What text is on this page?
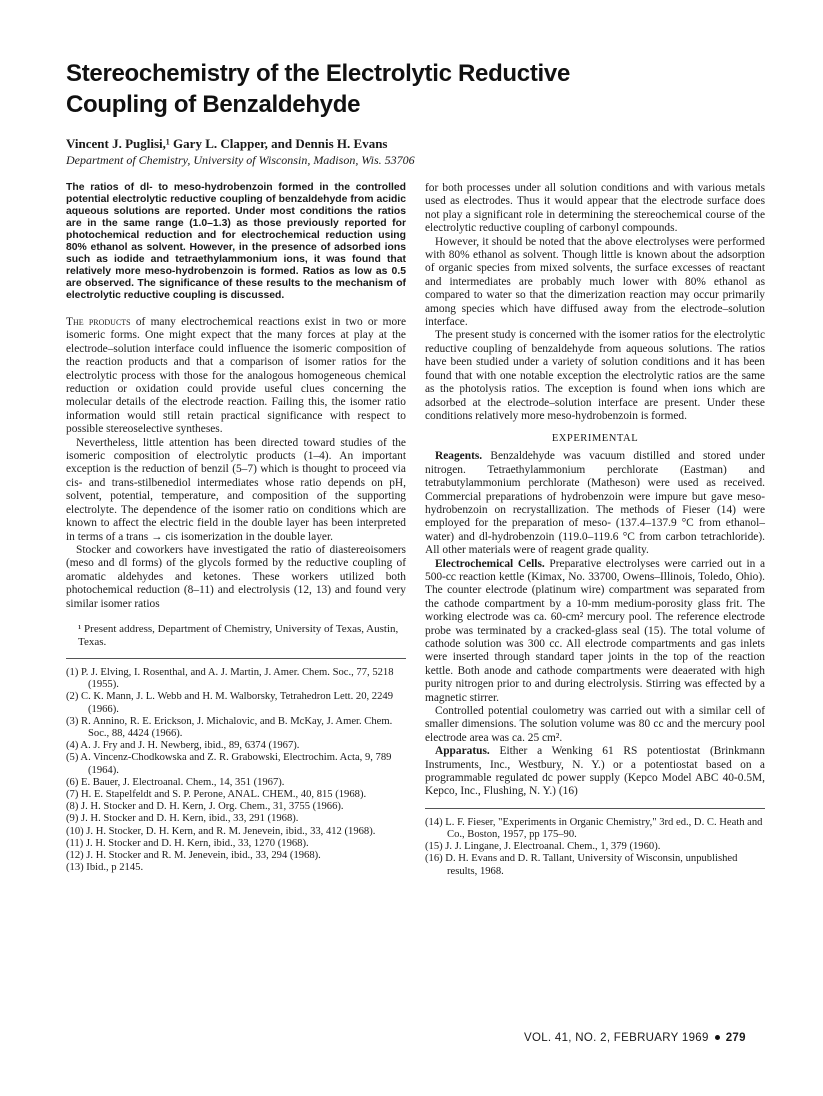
Stereochemistry of the Electrolytic Reductive
Coupling of Benzaldehyde
Vincent J. Puglisi,¹ Gary L. Clapper, and Dennis H. Evans
Department of Chemistry, University of Wisconsin, Madison, Wis. 53706

The ratios of dl- to meso-hydrobenzoin formed in the controlled potential electrolytic reductive coupling of benzaldehyde from acidic aqueous solutions are reported. Under most conditions the ratios are in the same range (1.0–1.3) as those previously reported for photochemical reduction and for electrochemical reduction using 80% ethanol as solvent. However, in the presence of adsorbed ions such as iodide and tetraethylammonium ions, it was found that relatively more meso-hydrobenzoin is formed. Ratios as low as 0.5 are observed. The significance of these results to the mechanism of electrolytic reductive coupling is discussed.

The products of many electrochemical reactions exist in two or more isomeric forms. One might expect that the many forces at play at the electrode–solution interface could influence the isomeric composition of the reaction products and that a comparison of isomer ratios for the electrolytic process with those for the analogous homogeneous chemical reduction or oxidation could provide useful clues concerning the molecular details of the electrode reaction. Failing this, the isomer ratio information would still retain practical significance with respect to possible stereoselective syntheses.

Nevertheless, little attention has been directed toward studies of the isomeric composition of electrolytic products (1–4). An important exception is the reduction of benzil (5–7) which is thought to proceed via cis- and trans-stilbenediol intermediates whose ratio depends on pH, solvent, potential, temperature, and composition of the supporting electrolyte. The dependence of the isomer ratio on conditions which are known to affect the electric field in the double layer has been interpreted in terms of a trans → cis isomerization in the double layer.

Stocker and coworkers have investigated the ratio of diastereoisomers (meso and dl forms) of the glycols formed by the reductive coupling of aromatic aldehydes and ketones. These workers utilized both photochemical reduction (8–11) and electrolysis (12, 13) and found very similar isomer ratios

¹ Present address, Department of Chemistry, University of Texas, Austin, Texas.

(1) P. J. Elving, I. Rosenthal, and A. J. Martin, J. Amer. Chem. Soc., 77, 5218 (1955).
(2) C. K. Mann, J. L. Webb and H. M. Walborsky, Tetrahedron Lett. 20, 2249 (1966).
(3) R. Annino, R. E. Erickson, J. Michalovic, and B. McKay, J. Amer. Chem. Soc., 88, 4424 (1966).
(4) A. J. Fry and J. H. Newberg, ibid., 89, 6374 (1967).
(5) A. Vincenz-Chodkowska and Z. R. Grabowski, Electrochim. Acta, 9, 789 (1964).
(6) E. Bauer, J. Electroanal. Chem., 14, 351 (1967).
(7) H. E. Stapelfeldt and S. P. Perone, ANAL. CHEM., 40, 815 (1968).
(8) J. H. Stocker and D. H. Kern, J. Org. Chem., 31, 3755 (1966).
(9) J. H. Stocker and D. H. Kern, ibid., 33, 291 (1968).
(10) J. H. Stocker, D. H. Kern, and R. M. Jenevein, ibid., 33, 412 (1968).
(11) J. H. Stocker and D. H. Kern, ibid., 33, 1270 (1968).
(12) J. H. Stocker and R. M. Jenevein, ibid., 33, 294 (1968).
(13) Ibid., p 2145.

for both processes under all solution conditions and with various metals used as electrodes. Thus it would appear that the electrode surface does not play a significant role in determining the stereochemical course of the electrolytic reductive coupling of carbonyl compounds.

However, it should be noted that the above electrolyses were performed with 80% ethanol as solvent. Though little is known about the adsorption of organic species from mixed solvents, the surface excesses of reactant and intermediates are probably much lower with 80% ethanol as compared to water so that the dimerization reaction may occur primarily among species which have diffused away from the electrode–solution interface.

The present study is concerned with the isomer ratios for the electrolytic reductive coupling of benzaldehyde from aqueous solutions. The ratios have been studied under a variety of solution conditions and it has been found that with one notable exception the electrolytic ratios are the same as the photolysis ratios. The exception is found when ions which are adsorbed at the electrode–solution interface are present. Under these conditions relatively more meso-hydrobenzoin is formed.

EXPERIMENTAL

Reagents. Benzaldehyde was vacuum distilled and stored under nitrogen. Tetraethylammonium perchlorate (Eastman) and tetrabutylammonium perchlorate (Matheson) were used as received. Commercial preparations of hydrobenzoin were impure but gave meso-hydrobenzoin on recrystallization. The methods of Fieser (14) were employed for the preparation of meso- (137.4–137.9 °C from ethanol–water) and dl-hydrobenzoin (119.0–119.6 °C from carbon tetrachloride). All other materials were of reagent grade quality.

Electrochemical Cells. Preparative electrolyses were carried out in a 500-cc reaction kettle (Kimax, No. 33700, Owens–Illinois, Toledo, Ohio). The counter electrode (platinum wire) compartment was separated from the cathode compartment by a 10-mm medium-porosity glass frit. The working electrode was ca. 60-cm² mercury pool. The reference electrode probe was terminated by a cracked-glass seal (15). The total volume of cathode solution was 300 cc. All electrode compartments and gas inlets were inserted through standard taper joints in the top of the reaction kettle. Both anode and cathode compartments were deaerated with high purity nitrogen prior to and during electrolysis. Stirring was effected by a magnetic stirrer.

Controlled potential coulometry was carried out with a similar cell of smaller dimensions. The solution volume was 80 cc and the mercury pool electrode area was ca. 25 cm².

Apparatus. Either a Wenking 61 RS potentiostat (Brinkmann Instruments, Inc., Westbury, N. Y.) or a potentiostat based on a programmable regulated dc power supply (Kepco Model ABC 40-0.5M, Kepco, Inc., Flushing, N. Y.) (16)

(14) L. F. Fieser, "Experiments in Organic Chemistry," 3rd ed., D. C. Heath and Co., Boston, 1957, pp 175–90.
(15) J. J. Lingane, J. Electroanal. Chem., 1, 379 (1960).
(16) D. H. Evans and D. R. Tallant, University of Wisconsin, unpublished results, 1968.
VOL. 41, NO. 2, FEBRUARY 1969 279
